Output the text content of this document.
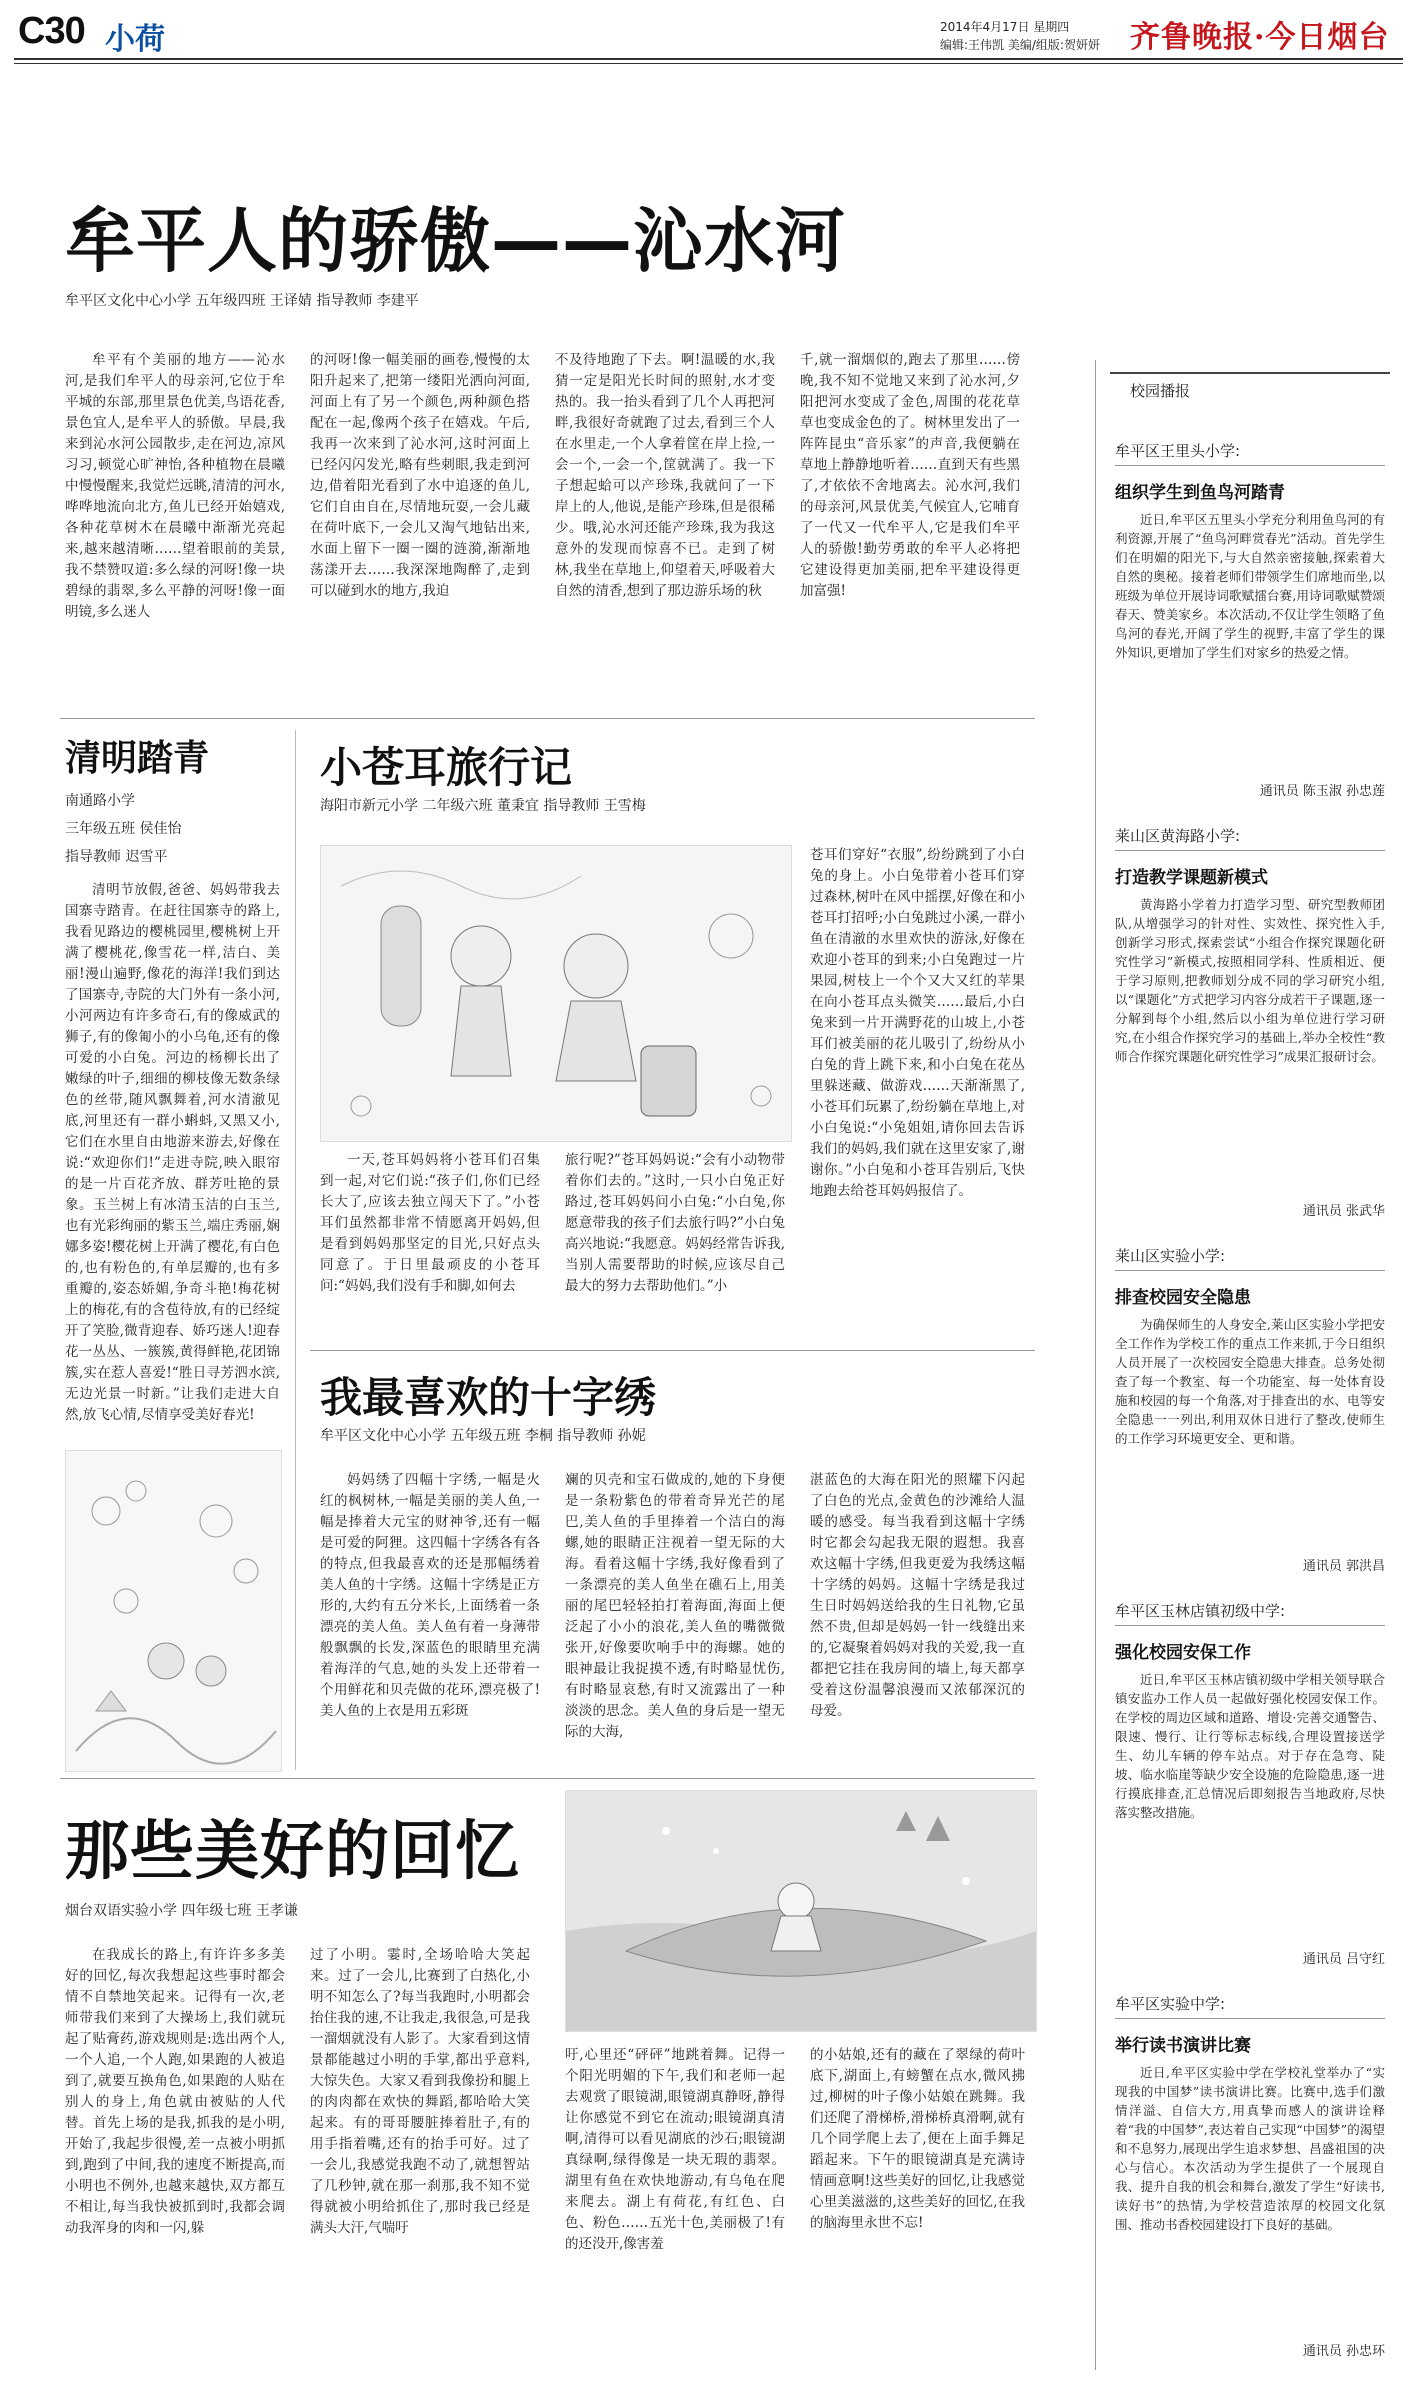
C30 小荷	2014年4月17日 星期四
编辑:王伟凯 美编/组版:贺妍妍 齐鲁晚报·今日烟台
牟平人的骄傲——沁水河
牟平区文化中心小学 五年级四班 王译婧 指导教师 李建平

牟平有个美丽的地方——沁水河,是我们牟平人的母亲河,它位于牟平城的东部,那里景色优美,鸟语花香,景色宜人,是牟平人的骄傲。早晨,我来到沁水河公园散步,走在河边,凉风习习,顿觉心旷神怡,各种植物在晨曦中慢慢醒来,我觉烂远眺,清清的河水,哗哗地流向北方,鱼儿已经开始嬉戏,各种花草树木在晨曦中渐渐光亮起来,越来越清晰……望着眼前的美景,我不禁赞叹道:多么绿的河呀!像一块碧绿的翡翠,多么平静的河呀!像一面明镜,多么迷人

的河呀!像一幅美丽的画卷,慢慢的太阳升起来了,把第一缕阳光洒向河面,河面上有了另一个颜色,两种颜色搭配在一起,像两个孩子在嬉戏。午后,我再一次来到了沁水河,这时河面上已经闪闪发光,略有些刺眼,我走到河边,借着阳光看到了水中追逐的鱼儿,它们自由自在,尽情地玩耍,一会儿藏在荷叶底下,一会儿又淘气地钻出来,水面上留下一圈一圈的涟漪,渐渐地荡漾开去……我深深地陶醉了,走到可以碰到水的地方,我迫

不及待地跑了下去。啊!温暖的水,我猜一定是阳光长时间的照射,水才变热的。我一抬头看到了几个人再把河畔,我很好奇就跑了过去,看到三个人在水里走,一个人拿着筐在岸上捡,一会一个,一会一个,筐就满了。我一下子想起蛤可以产珍珠,我就问了一下岸上的人,他说,是能产珍珠,但是很稀少。哦,沁水河还能产珍珠,我为我这意外的发现而惊喜不已。走到了树林,我坐在草地上,仰望着天,呼吸着大自然的清香,想到了那边游乐场的秋

千,就一溜烟似的,跑去了那里……傍晚,我不知不觉地又来到了沁水河,夕阳把河水变成了金色,周围的花花草草也变成金色的了。树林里发出了一阵阵昆虫“音乐家”的声音,我便躺在草地上静静地听着……直到天有些黑了,才依依不舍地离去。沁水河,我们的母亲河,风景优美,气候宜人,它哺育了一代又一代牟平人,它是我们牟平人的骄傲!勤劳勇敢的牟平人必将把它建设得更加美丽,把牟平建设得更加富强!

清明踏青
南通路小学
三年级五班 侯佳怡
指导教师 迟雪平

清明节放假,爸爸、妈妈带我去国寨寺踏青。在赶往国寨寺的路上,我看见路边的樱桃园里,樱桃树上开满了樱桃花,像雪花一样,洁白、美丽!漫山遍野,像花的海洋!我们到达了国寨寺,寺院的大门外有一条小河,小河两边有许多奇石,有的像威武的狮子,有的像匍小的小乌龟,还有的像可爱的小白兔。河边的杨柳长出了嫩绿的叶子,细细的柳枝像无数条绿色的丝带,随风飘舞着,河水清澈见底,河里还有一群小蝌蚪,又黑又小,它们在水里自由地游来游去,好像在说:“欢迎你们!”走进寺院,映入眼帘的是一片百花齐放、群芳吐艳的景象。玉兰树上有冰清玉洁的白玉兰,也有光彩绚丽的紫玉兰,端庄秀丽,娴娜多姿!樱花树上开满了樱花,有白色的,也有粉色的,有单层瓣的,也有多重瓣的,姿态娇媚,争奇斗艳!梅花树上的梅花,有的含苞待放,有的已经绽开了笑脸,微背迎春、娇巧迷人!迎春花一丛丛、一簇簇,黄得鲜艳,花团锦簇,实在惹人喜爱!“胜日寻芳泗水滨,无边光景一时新。”让我们走进大自然,放飞心情,尽情享受美好春光!

小苍耳旅行记
海阳市新元小学 二年级六班 董秉宜 指导教师 王雪梅

一天,苍耳妈妈将小苍耳们召集到一起,对它们说:“孩子们,你们已经长大了,应该去独立闯天下了。”小苍耳们虽然都非常不情愿离开妈妈,但是看到妈妈那坚定的目光,只好点头同意了。于日里最顽皮的小苍耳问:“妈妈,我们没有手和脚,如何去

旅行呢?”苍耳妈妈说:“会有小动物带着你们去的。”这时,一只小白兔正好路过,苍耳妈妈问小白兔:“小白兔,你愿意带我的孩子们去旅行吗?”小白兔高兴地说:“我愿意。妈妈经常告诉我,当别人需要帮助的时候,应该尽自己最大的努力去帮助他们。”小

苍耳们穿好“衣服”,纷纷跳到了小白兔的身上。小白兔带着小苍耳们穿过森林,树叶在风中摇摆,好像在和小苍耳打招呼;小白兔跳过小溪,一群小鱼在清澈的水里欢快的游泳,好像在欢迎小苍耳的到来;小白兔跑过一片果园,树枝上一个个又大又红的苹果在向小苍耳点头微笑……最后,小白兔来到一片开满野花的山坡上,小苍耳们被美丽的花儿吸引了,纷纷从小白兔的背上跳下来,和小白兔在花丛里躲迷藏、做游戏……天渐渐黑了,小苍耳们玩累了,纷纷躺在草地上,对小白兔说:“小兔姐姐,请你回去告诉我们的妈妈,我们就在这里安家了,谢谢你。”小白兔和小苍耳告别后,飞快地跑去给苍耳妈妈报信了。

我最喜欢的十字绣
牟平区文化中心小学 五年级五班 李桐 指导教师 孙妮

妈妈绣了四幅十字绣,一幅是火红的枫树林,一幅是美丽的美人鱼,一幅是捧着大元宝的财神爷,还有一幅是可爱的阿狸。这四幅十字绣各有各的特点,但我最喜欢的还是那幅绣着美人鱼的十字绣。这幅十字绣是正方形的,大约有五分米长,上面绣着一条漂亮的美人鱼。美人鱼有着一身薄带般飘飘的长发,深蓝色的眼睛里充满着海洋的气息,她的头发上还带着一个用鲜花和贝壳做的花环,漂亮极了!美人鱼的上衣是用五彩斑

斓的贝壳和宝石做成的,她的下身便是一条粉紫色的带着奇异光芒的尾巴,美人鱼的手里捧着一个洁白的海螺,她的眼睛正注视着一望无际的大海。看着这幅十字绣,我好像看到了一条漂亮的美人鱼坐在礁石上,用美丽的尾巴轻轻拍打着海面,海面上便泛起了小小的浪花,美人鱼的嘴微微张开,好像要吹响手中的海螺。她的眼神最让我捉摸不透,有时略显忧伤,有时略显哀愁,有时又流露出了一种淡淡的思念。美人鱼的身后是一望无际的大海,

湛蓝色的大海在阳光的照耀下闪起了白色的光点,金黄色的沙滩给人温暖的感受。每当我看到这幅十字绣时它都会勾起我无限的遐想。我喜欢这幅十字绣,但我更爱为我绣这幅十字绣的妈妈。这幅十字绣是我过生日时妈妈送给我的生日礼物,它虽然不贵,但却是妈妈一针一线缝出来的,它凝聚着妈妈对我的关爱,我一直都把它挂在我房间的墙上,每天都享受着这份温馨浪漫而又浓郁深沉的母爱。

那些美好的回忆
烟台双语实验小学 四年级七班 王孝谦

在我成长的路上,有许许多多美好的回忆,每次我想起这些事时都会情不自禁地笑起来。记得有一次,老师带我们来到了大操场上,我们就玩起了贴膏药,游戏规则是:选出两个人,一个人追,一个人跑,如果跑的人被追到了,就要互换角色,如果跑的人贴在别人的身上,角色就由被贴的人代替。首先上场的是我,抓我的是小明,开始了,我起步很慢,差一点被小明抓到,跑到了中间,我的速度不断提高,而小明也不例外,也越来越快,双方都互不相让,每当我快被抓到时,我都会调动我浑身的肉和一闪,躲

过了小明。霎时,全场哈哈大笑起来。过了一会儿,比赛到了白热化,小明不知怎么了?每当我跑时,小明都会抬住我的速,不让我走,我很急,可是我一溜烟就没有人影了。大家看到这情景都能越过小明的手掌,都出乎意料,大惊失色。大家又看到我像扮和腿上的肉肉都在欢快的舞蹈,都哈哈大笑起来。有的哥哥腰脏捧着肚子,有的用手指着嘴,还有的抬手可好。过了一会儿,我感觉我跑不动了,就想智站了几秒钟,就在那一刹那,我不知不觉得就被小明给抓住了,那时我已经是满头大汗,气喘吁

吁,心里还“砰砰”地跳着舞。记得一个阳光明媚的下午,我们和老师一起去观赏了眼镜湖,眼镜湖真静呀,静得让你感觉不到它在流动;眼镜湖真清啊,清得可以看见湖底的沙石;眼镜湖真绿啊,绿得像是一块无瑕的翡翠。湖里有鱼在欢快地游动,有乌龟在爬来爬去。湖上有荷花,有红色、白色、粉色……五光十色,美丽极了!有的还没开,像害羞

的小姑娘,还有的藏在了翠绿的荷叶底下,湖面上,有螃蟹在点水,微风拂过,柳树的叶子像小姑娘在跳舞。我们还爬了滑梯桥,滑梯桥真滑啊,就有几个同学爬上去了,便在上面手舞足蹈起来。下午的眼镜湖真是充满诗情画意啊!这些美好的回忆,让我感觉心里美滋滋的,这些美好的回忆,在我的脑海里永世不忘!

校园播报
牟平区王里头小学:
组织学生到鱼鸟河踏青

近日,牟平区五里头小学充分利用鱼鸟河的有利资源,开展了“鱼鸟河畔赏春光”活动。首先学生们在明媚的阳光下,与大自然亲密接触,探索着大自然的奥秘。接着老师们带领学生们席地而坐,以班级为单位开展诗词歌赋擂台赛,用诗词歌赋赞颂春天、赞美家乡。本次活动,不仅让学生领略了鱼鸟河的春光,开阔了学生的视野,丰富了学生的课外知识,更增加了学生们对家乡的热爱之情。

通讯员 陈玉淑 孙忠莲
莱山区黄海路小学:
打造教学课题新模式

黄海路小学着力打造学习型、研究型教师团队,从增强学习的针对性、实效性、探究性入手,创新学习形式,探索尝试“小组合作探究课题化研究性学习”新模式,按照相同学科、性质相近、便于学习原则,把教师划分成不同的学习研究小组,以“课题化”方式把学习内容分成若干子课题,逐一分解到每个小组,然后以小组为单位进行学习研究,在小组合作探究学习的基础上,举办全校性“教师合作探究课题化研究性学习”成果汇报研讨会。

通讯员 张武华
莱山区实验小学:
排查校园安全隐患

为确保师生的人身安全,莱山区实验小学把安全工作作为学校工作的重点工作来抓,于今日组织人员开展了一次校园安全隐患大排查。总务处彻查了每一个教室、每一个功能室、每一处体育设施和校园的每一个角落,对于排查出的水、电等安全隐患一一列出,利用双休日进行了整改,使师生的工作学习环境更安全、更和谐。

通讯员 郭洪昌
牟平区玉林店镇初级中学:
强化校园安保工作

近日,牟平区玉林店镇初级中学相关领导联合镇安监办工作人员一起做好强化校园安保工作。在学校的周边区域和道路、增设·完善交通警告、限速、慢行、让行等标志标线,合理设置接送学生、幼儿车辆的停车站点。对于存在急弯、陡坡、临水临崖等缺少安全设施的危险隐患,逐一进行摸底排查,汇总情况后即刻报告当地政府,尽快落实整改措施。

通讯员 吕守红
牟平区实验中学:
举行读书演讲比赛

近日,牟平区实验中学在学校礼堂举办了“实现我的中国梦”读书演讲比赛。比赛中,选手们激情洋溢、自信大方,用真挚而感人的演讲诠释着“我的中国梦”,表达着自己实现“中国梦”的渴望和不息努力,展现出学生追求梦想、昌盛祖国的决心与信心。本次活动为学生提供了一个展现自我、提升自我的机会和舞台,激发了学生“好读书,读好书”的热情,为学校营造浓厚的校园文化氛围、推动书香校园建设打下良好的基础。

通讯员 孙忠环
